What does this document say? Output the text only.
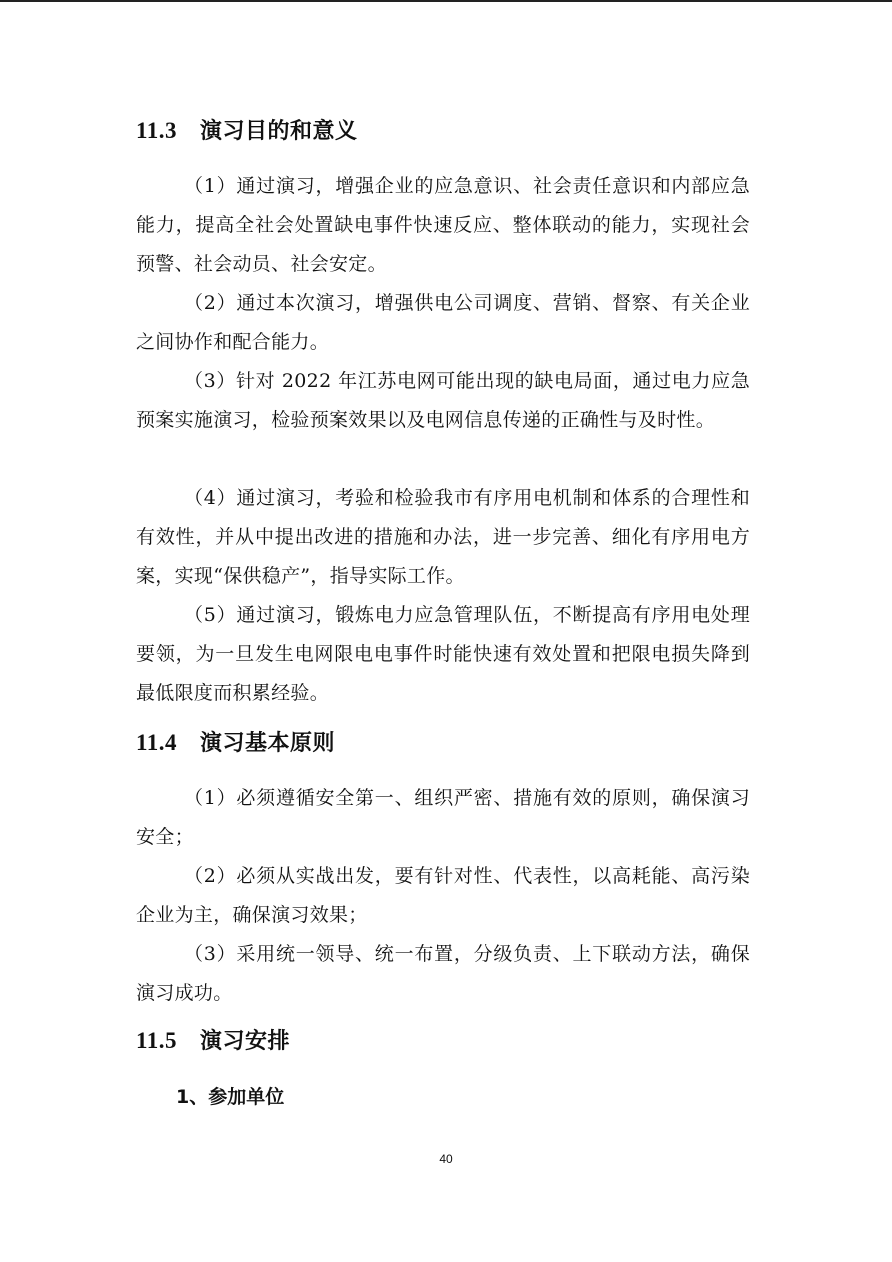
11.3 演习目的和意义

（1）通过演习，增强企业的应急意识、社会责任意识和内部应急能力，提高全社会处置缺电事件快速反应、整体联动的能力，实现社会预警、社会动员、社会安定。

（2）通过本次演习，增强供电公司调度、营销、督察、有关企业之间协作和配合能力。

（3）针对 2022 年江苏电网可能出现的缺电局面，通过电力应急预案实施演习，检验预案效果以及电网信息传递的正确性与及时性。

（4）通过演习，考验和检验我市有序用电机制和体系的合理性和有效性，并从中提出改进的措施和办法，进一步完善、细化有序用电方案，实现“保供稳产”，指导实际工作。

（5）通过演习，锻炼电力应急管理队伍，不断提高有序用电处理要领，为一旦发生电网限电电事件时能快速有效处置和把限电损失降到最低限度而积累经验。

11.4 演习基本原则

（1）必须遵循安全第一、组织严密、措施有效的原则，确保演习安全；

（2）必须从实战出发，要有针对性、代表性，以高耗能、高污染企业为主，确保演习效果；

（3）采用统一领导、统一布置，分级负责、上下联动方法，确保演习成功。

11.5 演习安排
1、参加单位
40
